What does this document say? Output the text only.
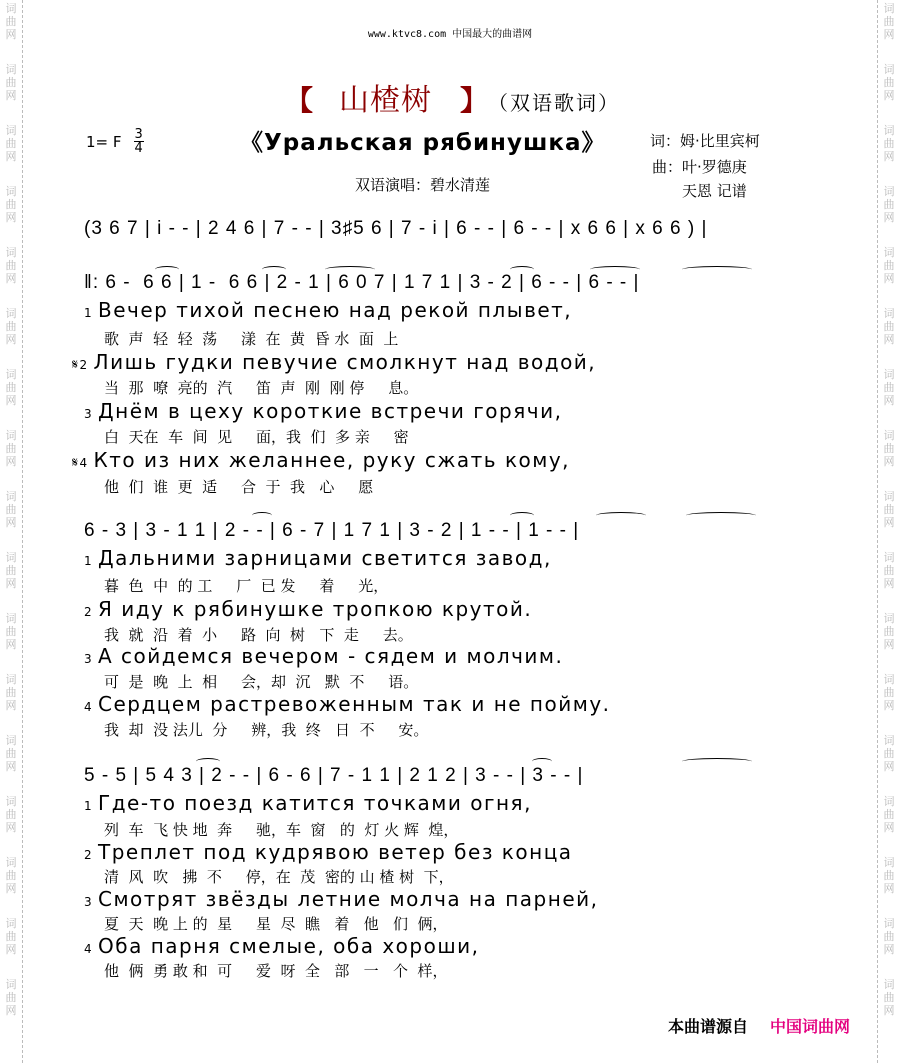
词
曲
网
词
曲
网
词
曲
网
词
曲
网
词
曲
网
词
曲
网
词
曲
网
词
曲
网
词
曲
网
词
曲
网
词
曲
网
词
曲
网
词
曲
网
词
曲
网
词
曲
网
词
曲
网
词
曲
网
词
曲
网
词
曲
网
词
曲
网
词
曲
网
词
曲
网
词
曲
网
词
曲
网
词
曲
网
词
曲
网
词
曲
网
词
曲
网
词
曲
网
词
曲
网
词
曲
网
词
曲
网
词
曲
网
词
曲
网
www.ktvc8.com 中国最大的曲谱网
【 山楂树 】 （双语歌词）
1= F $\frac{3}{4}$	《Уральская рябинушка》	词：姆·比里宾柯
曲：叶·罗德庚
天恩 记谱
双语演唱：碧水清莲
(3 6 7 | i - - | 2 4 6 | 7 - - | 3♯5 6 | 7 - i | 6 - - | 6 - - | x 6 6 | x 6 6 ) |
‖: 6 -  6 6 | 1 -  6 6 | 2 - 1 | 6 0 7 | 1 7 1 | 3 - 2 | 6 - - | 6 - - |
1 Вечер тихой песнею над рекой плывет,
歌  声  轻  轻  荡     漾  在  黄  昏 水  面  上
𝄋2 Лишь гудки певучие смолкнут над водой,
当  那  嘹  亮的  汽     笛  声  刚  刚 停     息。
3 Днём в цеху короткие встречи горячи,
白  天在  车  间  见     面，我  们  多 亲     密
𝄋4 Кто из них желаннее, руку сжать кому,
他  们  谁  更  适     合  于  我   心     愿
6 - 3 | 3 - 1 1 | 2 - - | 6 - 7 | 1 7 1 | 3 - 2 | 1 - - | 1 - - |
1 Дальними зарницами светится завод,
暮  色  中  的 工     厂  已 发     着     光，
2 Я иду к рябинушке тропкою крутой.
我  就  沿  着  小     路  向  树   下  走     去。
3 А сойдемся вечером - сядем и молчим.
可  是  晚  上  相     会，却  沉   默  不     语。
4 Сердцем растревоженным так и не пойму.
我  却  没 法儿  分     辨，我  终   日  不     安。
5 - 5 | 5 4 3 | 2 - - | 6 - 6 | 7 - 1 1 | 2 1 2 | 3 - - | 3 - - |
1 Где-то поезд катится точками огня,
列  车  飞 快 地  奔     驰，车  窗   的  灯 火 辉  煌，
2 Треплет под кудрявою ветер без конца
清  风  吹   拂  不     停，在  茂  密的 山 楂 树  下，
3 Смотрят звёзды летние молча на парней,
夏  天  晚 上 的  星     星  尽  瞧   着   他   们  俩，
4 Оба парня смелые, оба хороши,
他  俩  勇 敢 和  可     爱  呀  全   部   一   个  样，
本曲谱源自 中国词曲网
